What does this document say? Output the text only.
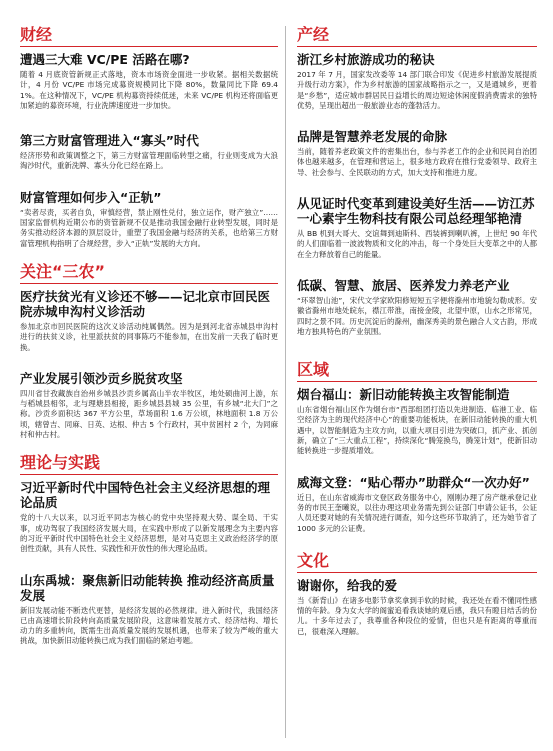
财经
遭遇三大难 VC/PE 活路在哪?
随着 4 月底资管新规正式落地，资本市场资金面进一步收紧。据相关数据统计，4 月份 VC/PE 市场完成募资规模同比下降 80%，数量同比下降 69.41%。在这种情况下，VC/PE 机构募资持续低迷，未来 VC/PE 机构还将面临更加紧迫的募资环境，行业洗牌速度进一步加快。
第三方财富管理进入“寡头”时代
经济形势和政策调整之下，第三方财富管理面临转型之痛，行业则变成为大浪淘沙时代，重新洗牌、寡头分化已经在路上。
财富管理如何步入“正轨”
“卖者尽责，买者自负，审慎经营，禁止刚性兑付，独立运作，财产独立”……国家监督机构近期公布的资管新规不仅是推动我国金融行业转型发展，同时是务实推动经济本源的顶层设计，重塑了我国金融与经济的关系，也给第三方财富管理机构指明了合规经营，步入“正轨”发展的大方向。
关注“三农”
医疗扶贫光有义诊还不够——记北京市回民医院赤城申沟村义诊活动
参加北京市回民医院的这次义诊活动纯属偶然。因为是到河北省赤城县申沟村进行的扶贫义诊，社里派扶贫的同事陈巧不能参加，在出发前一天我了临时更换。
产业发展引领沙贡乡脱贫攻坚
四川省甘孜藏族自治州乡城县沙贡乡属高山半农半牧区，地处硕曲河上游，东与稻城县相邻，北与理塘县相接，距乡城县县城 35 公里，有乡城“北大门”之称。沙贡乡面积达 367 平方公里，草场面积 1.6 万公顷，林地面积 1.8 万公顷，辖曾吉、同麻、日英、达根、仲古 5 个行政村，其中贫困村 2 个，为同麻村和仲古村。
理论与实践
习近平新时代中国特色社会主义经济思想的理论品质
党的十八大以来，以习近平同志为核心的党中央坚持观大势、谋全局、干实事，成功驾驭了我国经济发展大局，在实践中形成了以新发展理念为主要内容的习近平新时代中国特色社会主义经济思想，是对马克思主义政治经济学的原创性贡献，具有人民性、实践性和开放性的伟大理论品质。
山东禹城：聚焦新旧动能转换 推动经济高质量发展
新旧发展动能不断迭代更替，是经济发展的必然规律。进入新时代，我国经济已由高速增长阶段转向高质量发展阶段，这意味着发展方式、经济结构、增长动力的多重转向，既需生出高质量发展的发展机遇，也带来了较为严峻的重大挑战，加快新旧动能转换已成为我们面临的紧迫考题。
产经
浙江乡村旅游成功的秘诀
2017 年 7 月，国家发改委等 14 部门联合印发《促进乡村旅游发展提质升级行动方案》，作为乡村旅游的国家战略指示之一，又是通城乡，更着是“乡愁”，适应城市群居民日益增长的周边短途休闲度假消费需求的独特优势，呈现出超出一般旅游业态的蓬勃活力。
品牌是智慧养老发展的命脉
当前，随着养老政策文件的密集出台，参与养老工作的企业和民间自治团体也越来越多，在管理和营运上，很多地方政府在推行党委领导、政府主导、社会参与、全民联动的方式，加大支持和推进力度。
从见证时代变革到建设美好生活——访江苏一心素宇生物科技有限公司总经理邹艳清
从 BB 机到大哥大、交谊舞到迪斯科、西装裤到喇叭裤，上世纪 90 年代的人们面临着一波波物质和文化的冲击，每一个身处巨大变革之中的人都在全力释放着自己的能量。
低碳、智慧、旅居、医养发力养老产业
“环翠智山池”，宋代文学家欧阳修短短五字便将滁州市地貌勾勒成形。安徽省滁州市地处皖东，襟江带淮，南接金陵，北望中原，山水之形常见，四时之景不同。历史沉淀后的滁州，幽深秀美的景色融合人文古韵，形成地方独具特色的产业氛围。
区域
烟台福山：新旧动能转换主攻智能制造
山东省烟台福山区作为烟台市“西部组团打造以先进制造、临港工业、临空经济为主的现代经济中心”的重要功能板块，在新旧动能转换的重大机遇中，以智能制造为主攻方向，以重大项目引进为突破口，抓产业、抓创新，确立了“三大重点工程”，持续深化“腾笼换鸟，腾笼计划”，使新旧动能转换进一步提质增效。
威海文登：“贴心帮办”助群众“一次办好”
近日，在山东省威海市文登区政务服务中心，刚刚办理了房产继承登记业务的市民王奎曦说，以往办理这项业务需先到公证部门申请公证书，公证人员还要对她的有关情况进行调查，知今这些环节取消了，还为她节省了 1000 多元的公证费。
文化
谢谢你，给我的爱
当《新背山》在诸多电影节拿奖拿到手软的时候，我还处在看不懂同性感情的年龄。身为女大学的阁蜜追看我谈她的观后感，我只有瞪目结舌的份儿。十多年过去了，我尊重各种段位的爱情，但也只是有距离的尊重而已，很难深入理解。
